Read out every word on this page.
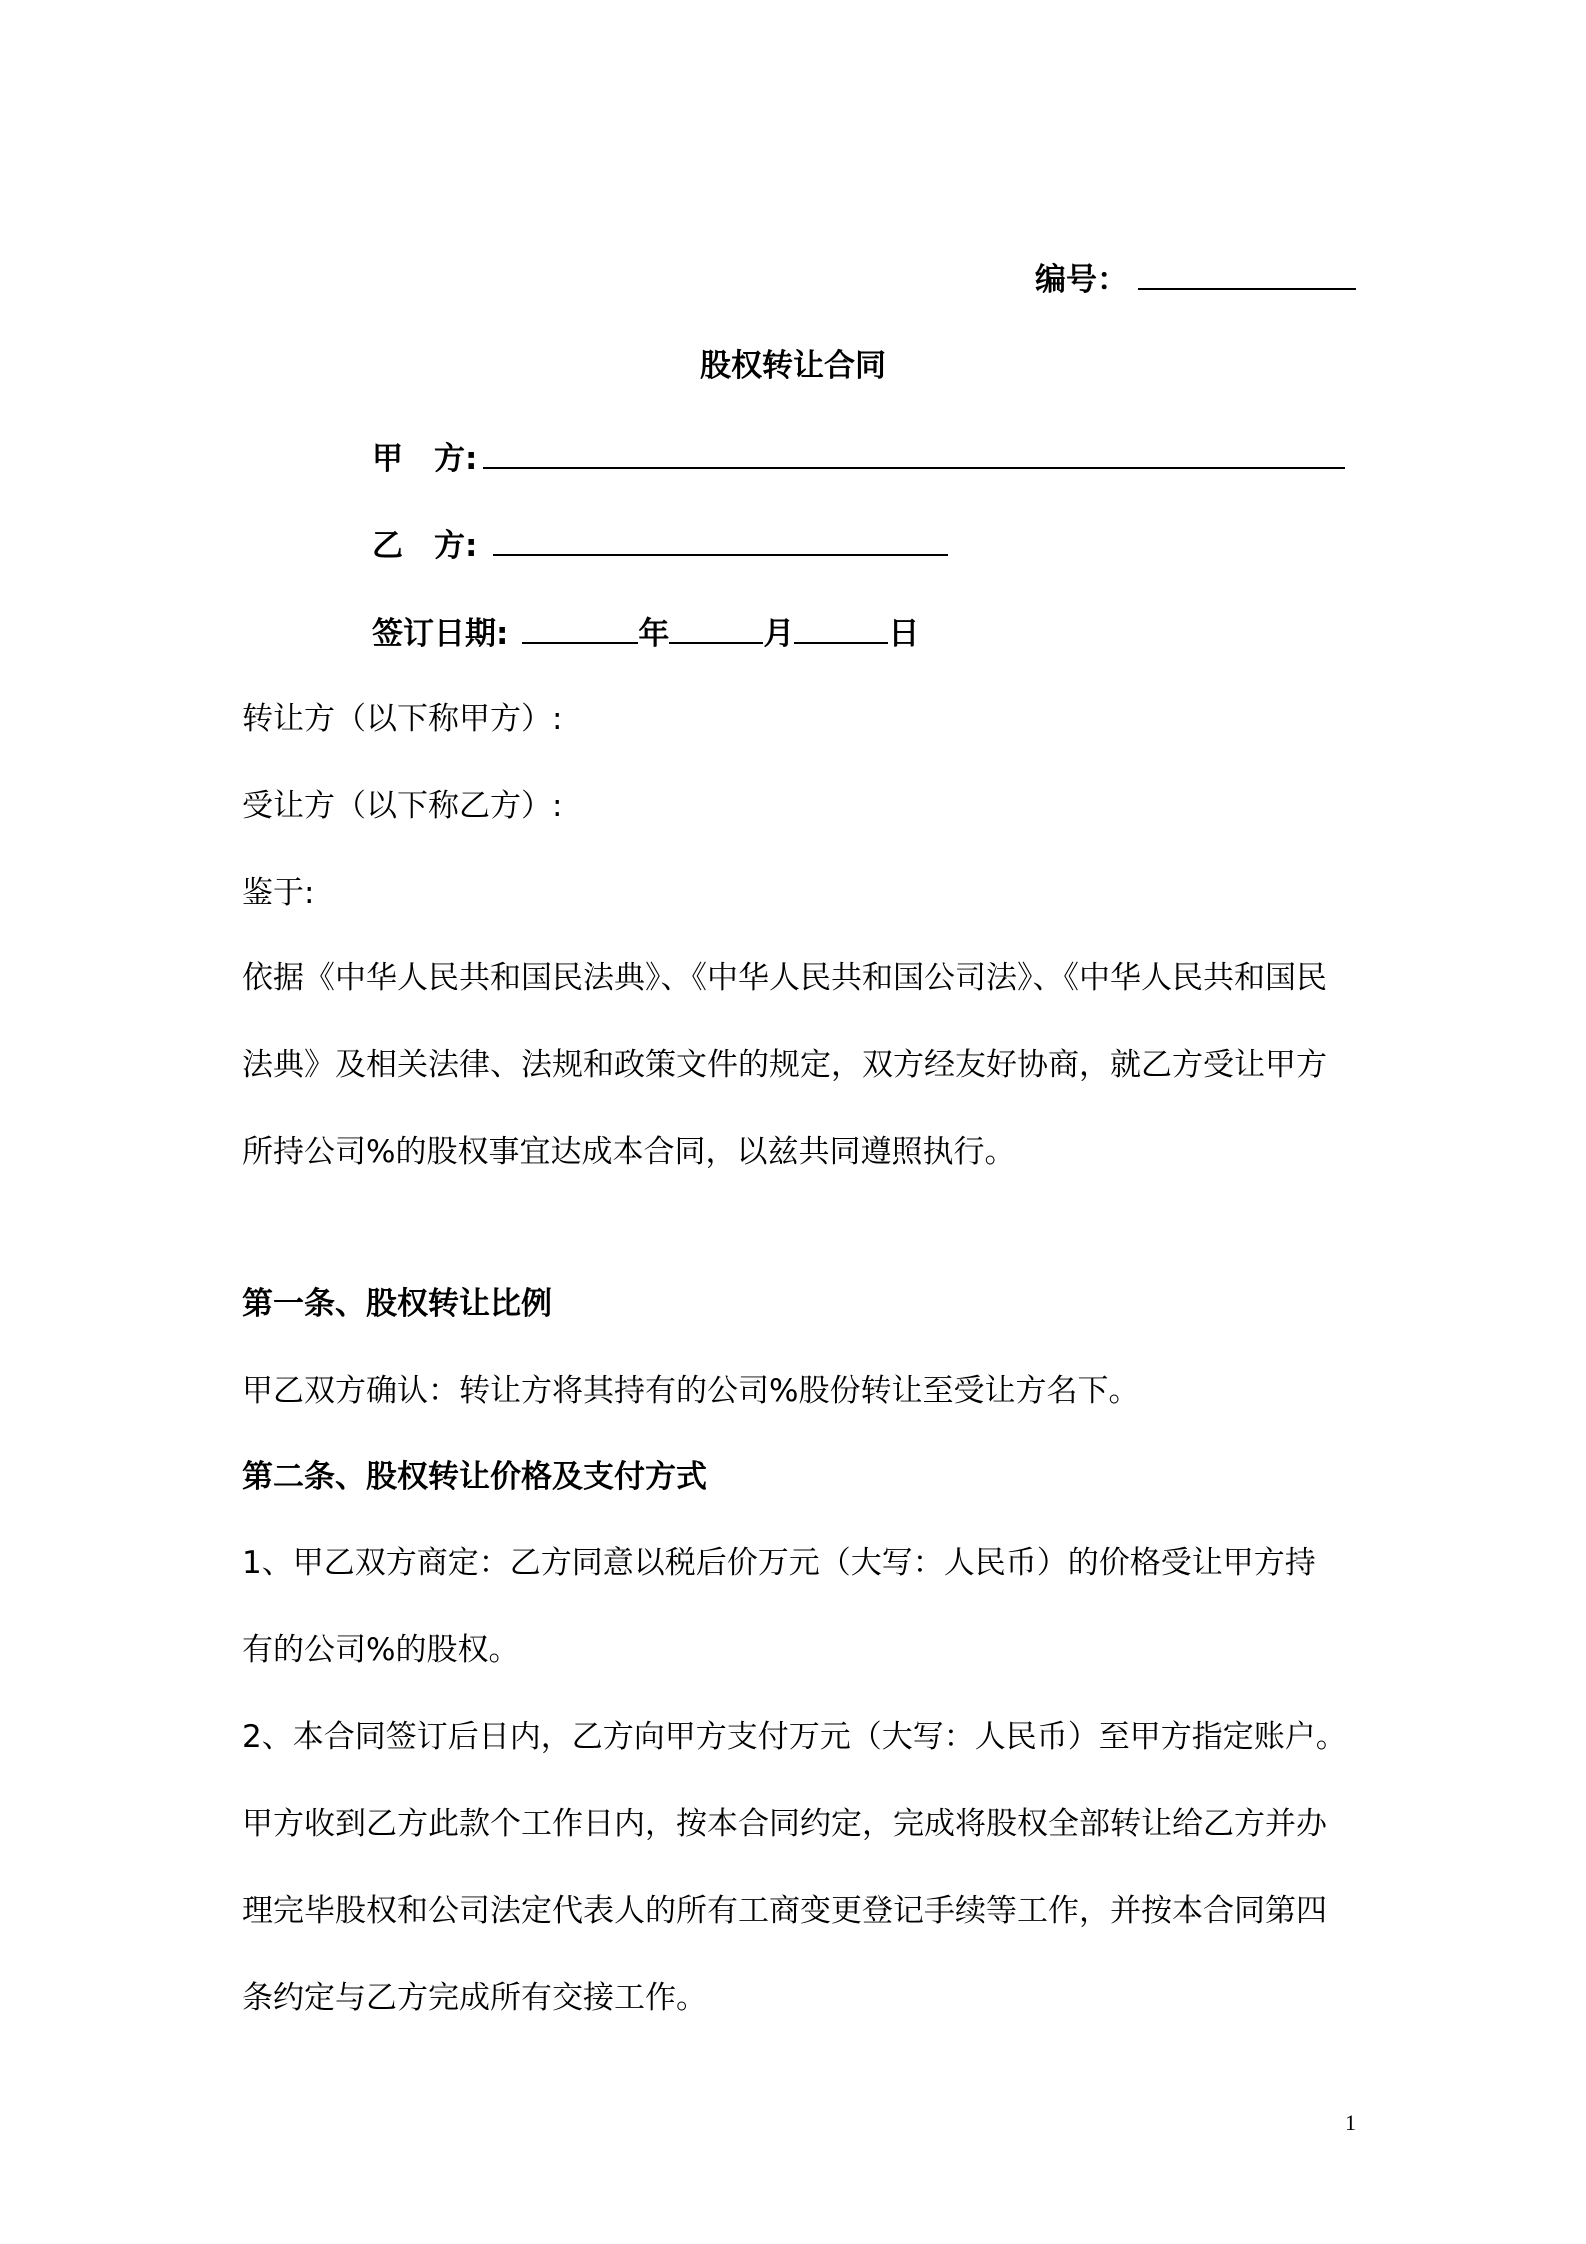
编号：
股权转让合同
甲　方:
乙　方:
签订日期:	年	月	日
转让方（以下称甲方）:
受让方（以下称乙方）:
鉴于:
依据《中华人民共和国民法典》、《中华人民共和国公司法》、《中华人民共和国民
法典》及相关法律、法规和政策文件的规定，双方经友好协商，就乙方受让甲方
所持公司%的股权事宜达成本合同，以兹共同遵照执行。
第一条、股权转让比例
甲乙双方确认：转让方将其持有的公司%股份转让至受让方名下。
第二条、股权转让价格及支付方式
1、甲乙双方商定：乙方同意以税后价万元（大写：人民币）的价格受让甲方持
有的公司%的股权。
2、本合同签订后日内，乙方向甲方支付万元（大写：人民币）至甲方指定账户。
甲方收到乙方此款个工作日内，按本合同约定，完成将股权全部转让给乙方并办
理完毕股权和公司法定代表人的所有工商变更登记手续等工作，并按本合同第四
条约定与乙方完成所有交接工作。
1
